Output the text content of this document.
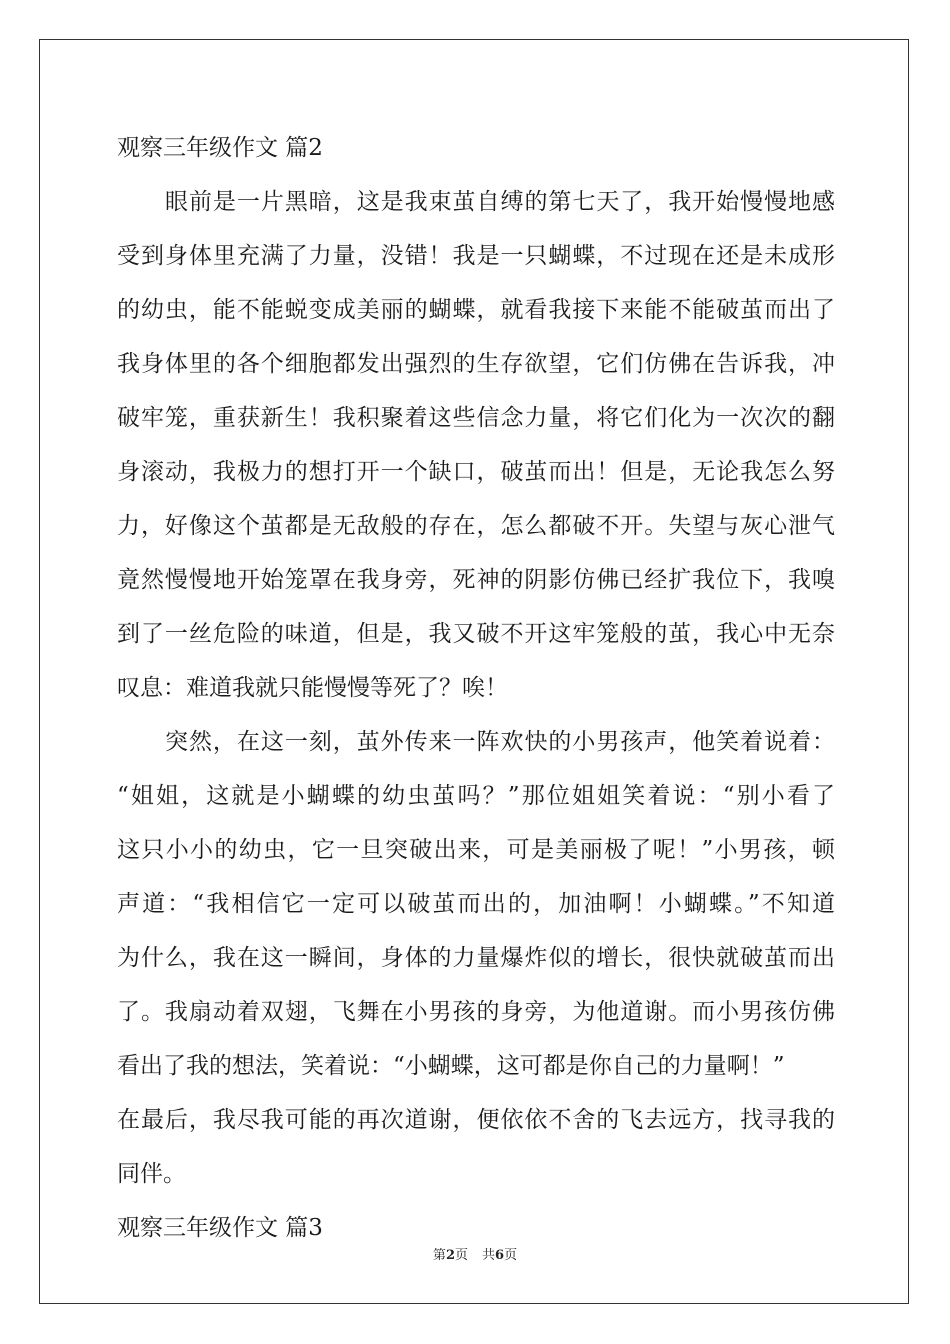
观察三年级作文 篇2
眼前是一片黑暗，这是我束茧自缚的第七天了，我开始慢慢地感
受到身体里充满了力量，没错！我是一只蝴蝶，不过现在还是未成形
的幼虫，能不能蜕变成美丽的蝴蝶，就看我接下来能不能破茧而出了
我身体里的各个细胞都发出强烈的生存欲望，它们仿佛在告诉我，冲
破牢笼，重获新生！我积聚着这些信念力量，将它们化为一次次的翻
身滚动，我极力的想打开一个缺口，破茧而出！但是，无论我怎么努
力，好像这个茧都是无敌般的存在，怎么都破不开。失望与灰心泄气
竟然慢慢地开始笼罩在我身旁，死神的阴影仿佛已经扩我位下，我嗅
到了一丝危险的味道，但是，我又破不开这牢笼般的茧，我心中无奈
叹息：难道我就只能慢慢等死了？唉！
突然，在这一刻，茧外传来一阵欢快的小男孩声，他笑着说着：
“姐姐，这就是小蝴蝶的幼虫茧吗？”那位姐姐笑着说：“别小看了
这只小小的幼虫，它一旦突破出来，可是美丽极了呢！”小男孩，顿
声道：“我相信它一定可以破茧而出的，加油啊！小蝴蝶。”不知道
为什么，我在这一瞬间，身体的力量爆炸似的增长，很快就破茧而出
了。我扇动着双翅，飞舞在小男孩的身旁，为他道谢。而小男孩仿佛
看出了我的想法，笑着说：“小蝴蝶，这可都是你自己的力量啊！”
在最后，我尽我可能的再次道谢，便依依不舍的飞去远方，找寻我的
同伴。
观察三年级作文 篇3
第2页 共6页
